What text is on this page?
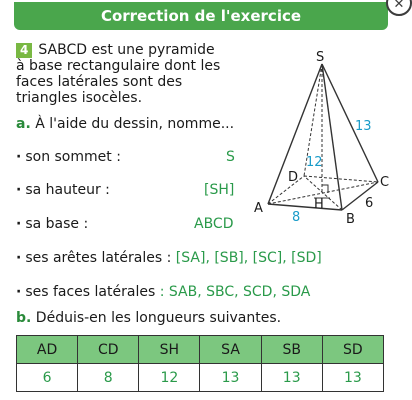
Correction de l'exercice
✕
4 SABCD est une pyramide
à base rectangulaire dont les
faces latérales sont des
triangles isocèles.
a. À l'aide du dessin, nomme...
· son sommet :	S
· sa hauteur :	[SH]
· sa base :	ABCD
· ses arêtes latérales : [SA], [SB], [SC], [SD]
· ses faces latérales : SAB, SBC, SCD, SDA
b. Déduis-en les longueurs suivantes.
S
A
B
C
D
H
13
12
8
6
AD	CD	SH	SA	SB	SD
6	8	12	13	13	13
